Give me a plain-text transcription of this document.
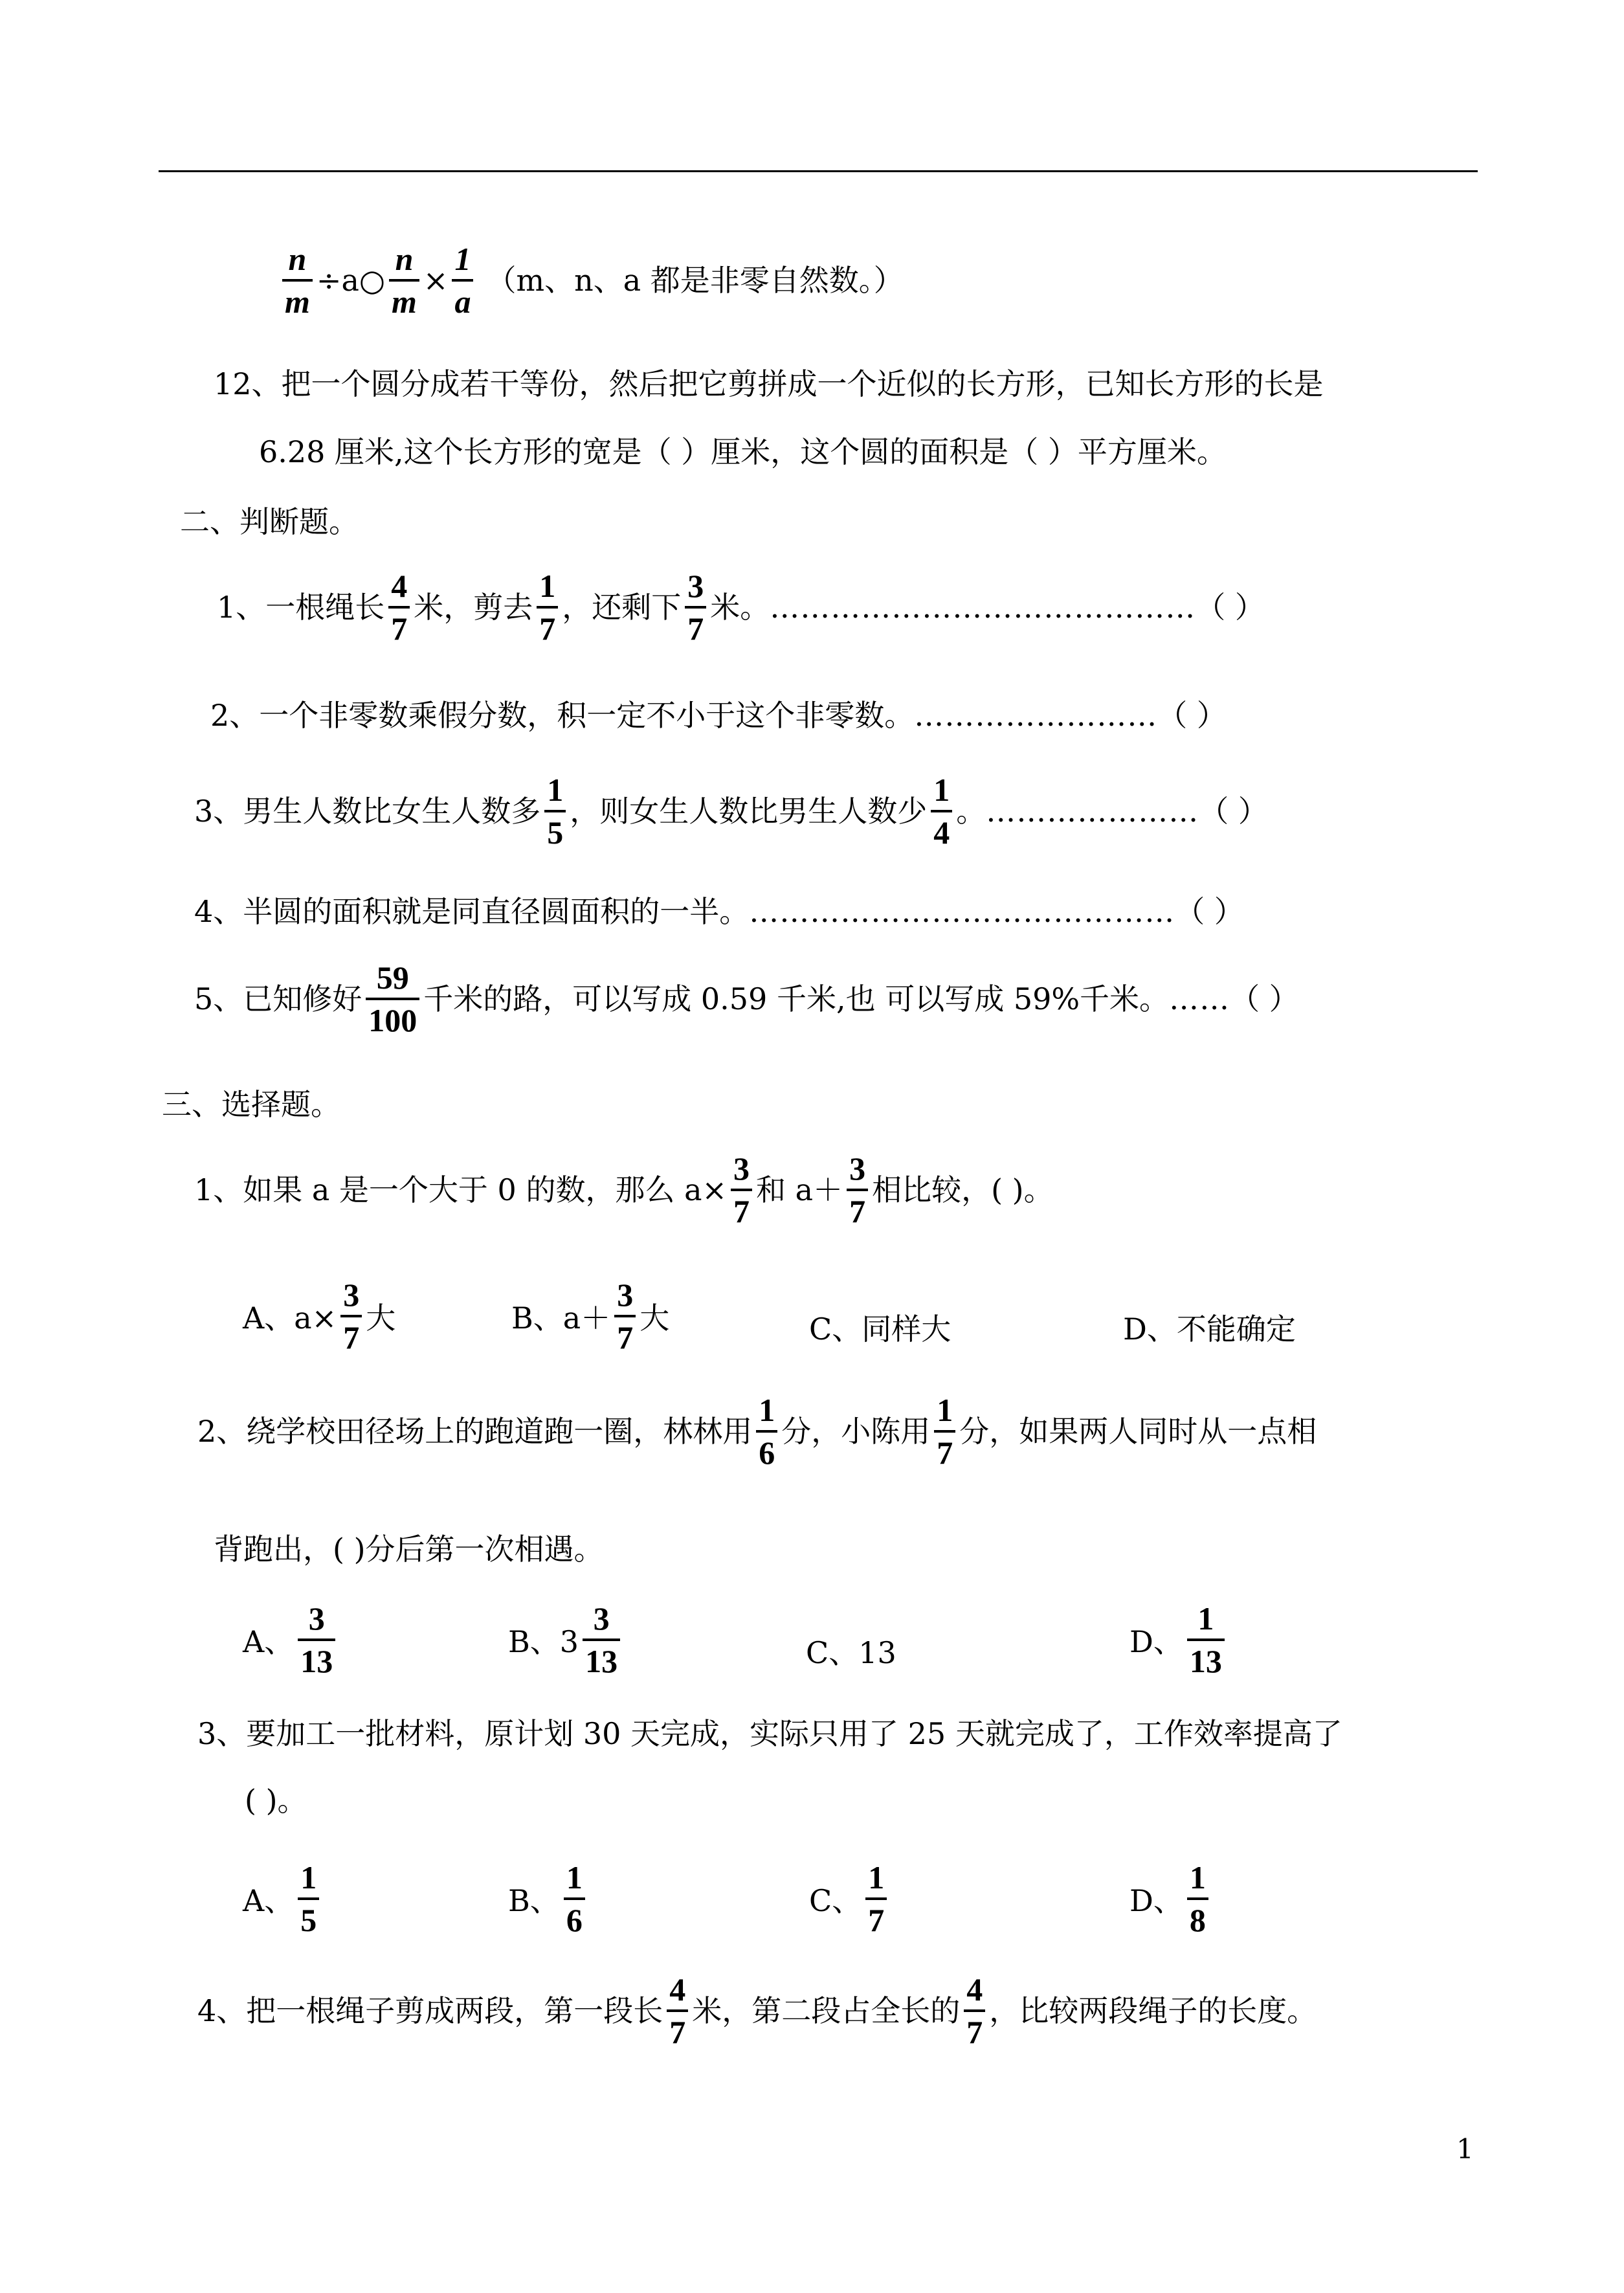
$\frac{n}{m}$ ÷a○ $\frac{n}{m} \times \frac{1}{a} (m$、n、a 都是非零自然数。）
12、把一个圆分成若干等份，然后把它剪拼成一个近似的长方形，已知长方形的长是
6.28 厘米,这个长方形的宽是（ ）厘米，这个圆的面积是（ ）平方厘米。
二、判断题。
1、一根绳长 $\frac{4}{7}$ 米，剪去 $\frac{1}{7}$ ，还剩下 $\frac{3}{7}$ 米。 …………………………………… （ ）
2、一个非零数乘假分数，积一定不小于这个非零数。 …………………… （ ）
3、男生人数比女生人数多 $\frac{1}{5}$ ，则女生人数比男生人数少 $\frac{1}{4}$ 。 ………………… （ ）
4、半圆的面积就是同直径圆面积的一半。 …………………………………… （ ）
5、已知修好 $\frac{59}{100}$ 千米的路，可以写成 0.59 千米,也 可以写成 59%千米。 …… （ ）
三、选择题。
1、如果 a 是一个大于 0 的数，那么 $a\times \frac{3}{7}$ 和 $a+ \frac{3}{7}$ 相比较，( )。
A、$a\times \frac{3}{7}$ 大	B、$a+ \frac{3}{7}$ 大	C、同样大	D、不能确定
2、绕学校田径场上的跑道跑一圈，林林用 $\frac{1}{6}$ 分，小陈用 $\frac{1}{7}$ 分，如果两人同时从一点相
背跑出，( )分后第一次相遇。
A、 $\frac{3}{13}$	B、$3 \frac{3}{13}$	C、13	D、 $\frac{1}{13}$
3、要加工一批材料，原计划 30 天完成，实际只用了 25 天就完成了，工作效率提高了
( )。
A、 $\frac{1}{5}$	B、 $\frac{1}{6}$	C、 $\frac{1}{7}$	D、 $\frac{1}{8}$
4、把一根绳子剪成两段，第一段长 $\frac{4}{7}$ 米，第二段占全长的 $\frac{4}{7}$ ，比较两段绳子的长度。
1
